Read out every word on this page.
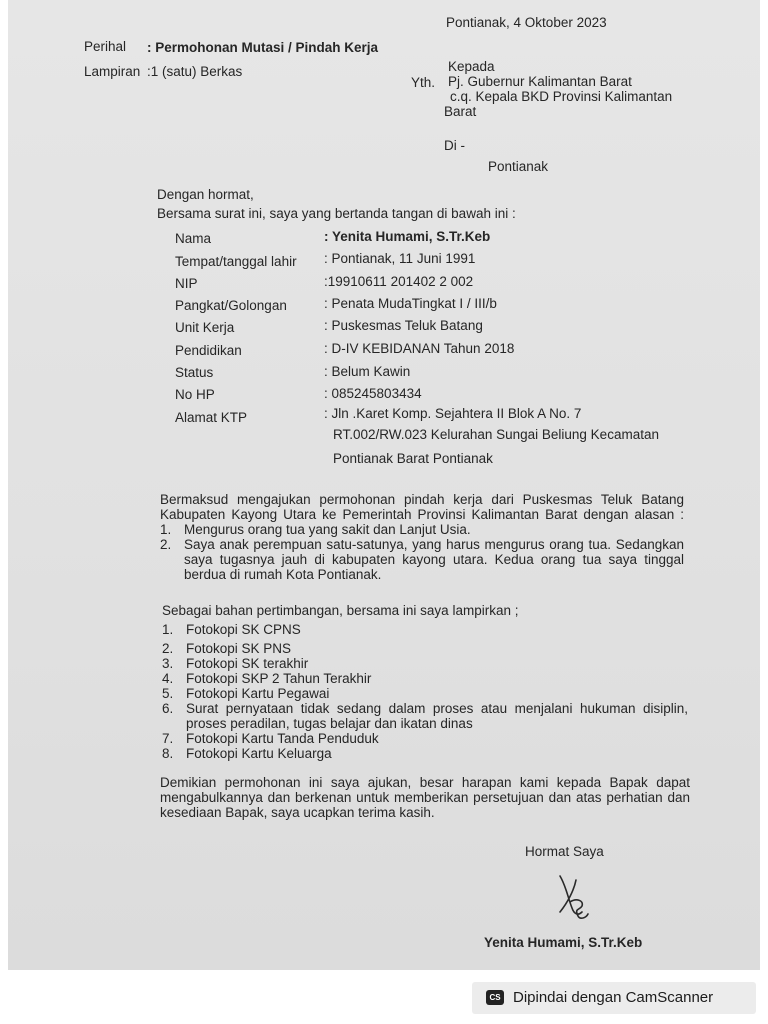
Pontianak, 4 Oktober 2023
Perihal : Permohonan Mutasi / Pindah Kerja
Lampiran :1 (satu) Berkas	Kepada
Yth. Pj. Gubernur Kalimantan Barat
c.q. Kepala BKD Provinsi Kalimantan
Barat
Di -
Pontianak
Dengan hormat,
Bersama surat ini, saya yang bertanda tangan di bawah ini :
Nama	: Yenita Humami, S.Tr.Keb
Tempat/tanggal lahir : Pontianak, 11 Juni 1991
NIP	:19910611 201402 2 002
Pangkat/Golongan	: Penata MudaTingkat I / III/b
Unit Kerja	: Puskesmas Teluk Batang
Pendidikan	: D-IV KEBIDANAN Tahun 2018
Status	: Belum Kawin
No HP	: 085245803434
Alamat KTP	: Jln .Karet Komp. Sejahtera II Blok A No. 7
RT.002/RW.023 Kelurahan Sungai Beliung Kecamatan
Pontianak Barat Pontianak
Bermaksud mengajukan permohonan pindah kerja dari Puskesmas Teluk Batang
Kabupaten Kayong Utara ke Pemerintah Provinsi Kalimantan Barat dengan alasan :
1. Mengurus orang tua yang sakit dan Lanjut Usia.
2. Saya anak perempuan satu-satunya, yang harus mengurus orang tua. Sedangkan
saya tugasnya jauh di kabupaten kayong utara. Kedua orang tua saya tinggal
berdua di rumah Kota Pontianak.
Sebagai bahan pertimbangan, bersama ini saya lampirkan ;
1. Fotokopi SK CPNS
2. Fotokopi SK PNS
3. Fotokopi SK terakhir
4. Fotokopi SKP 2 Tahun Terakhir
5. Fotokopi Kartu Pegawai
6. Surat pernyataan tidak sedang dalam proses atau menjalani hukuman disiplin,
proses peradilan, tugas belajar dan ikatan dinas
7. Fotokopi Kartu Tanda Penduduk
8. Fotokopi Kartu Keluarga
Demikian permohonan ini saya ajukan, besar harapan kami kepada Bapak dapat
mengabulkannya dan berkenan untuk memberikan persetujuan dan atas perhatian dan
kesediaan Bapak, saya ucapkan terima kasih.
Hormat Saya
Yenita Humami, S.Tr.Keb
CS Dipindai dengan CamScanner
